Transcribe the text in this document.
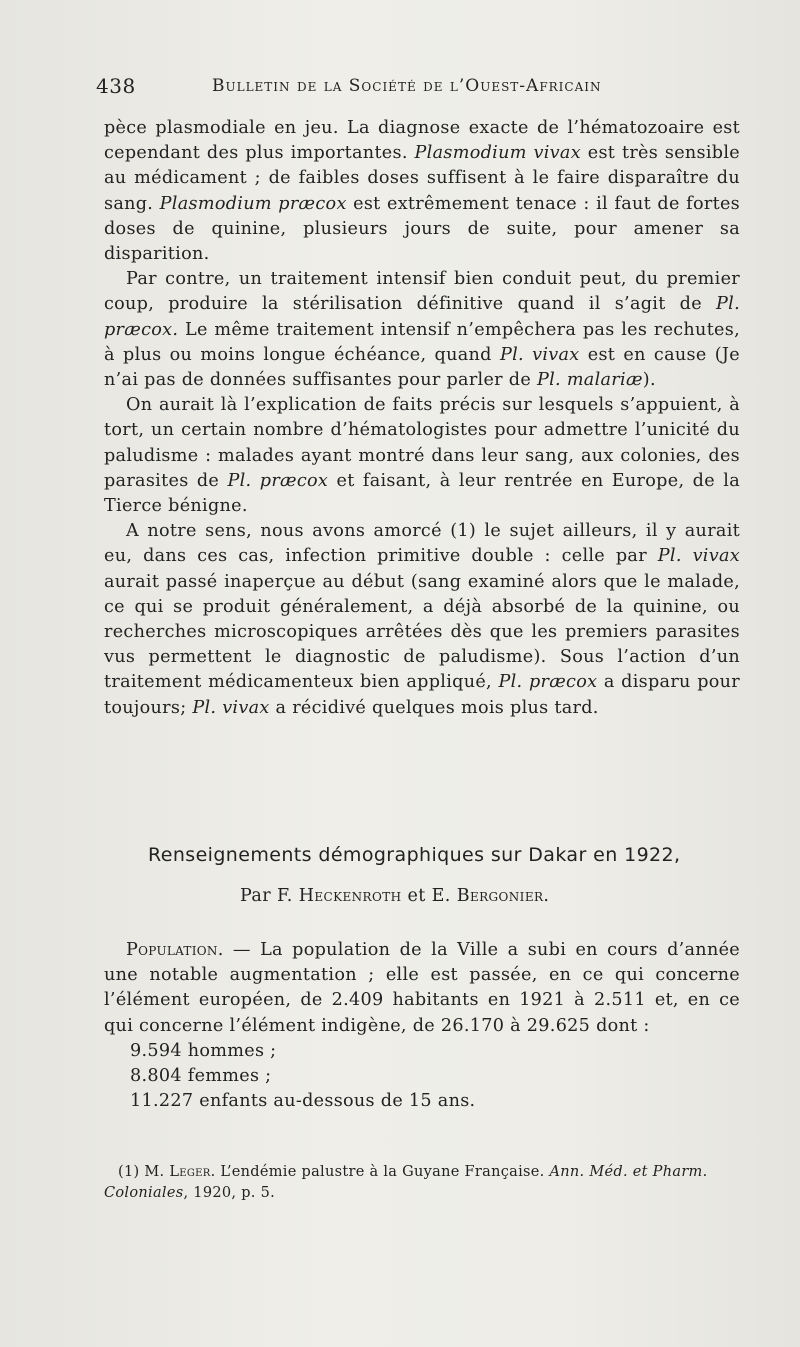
438	Bulletin de la Société de l’Ouest-Africain

pèce plasmodiale en jeu. La diagnose exacte de l’hématozoaire est cependant des plus importantes. Plasmodium vivax est très sensible au médicament ; de faibles doses suffisent à le faire disparaître du sang. Plasmodium præcox est extrêmement tenace : il faut de fortes doses de quinine, plusieurs jours de suite, pour amener sa disparition.

Par contre, un traitement intensif bien conduit peut, du premier coup, produire la stérilisation définitive quand il s’agit de Pl. præcox. Le même traitement intensif n’empêchera pas les rechutes, à plus ou moins longue échéance, quand Pl. vivax est en cause (Je n’ai pas de données suffisantes pour parler de Pl. malariæ).

On aurait là l’explication de faits précis sur lesquels s’appuient, à tort, un certain nombre d’hématologistes pour admettre l’unicité du paludisme : malades ayant montré dans leur sang, aux colonies, des parasites de Pl. præcox et faisant, à leur rentrée en Europe, de la Tierce bénigne.

A notre sens, nous avons amorcé (1) le sujet ailleurs, il y aurait eu, dans ces cas, infection primitive double : celle par Pl. vivax aurait passé inaperçue au début (sang examiné alors que le malade, ce qui se produit généralement, a déjà absorbé de la quinine, ou recherches microscopiques arrêtées dès que les premiers parasites vus permettent le diagnostic de paludisme). Sous l’action d’un traitement médicamenteux bien appliqué, Pl. præcox a disparu pour toujours; Pl. vivax a récidivé quelques mois plus tard.

Renseignements démographiques sur Dakar en 1922,
Par F. Heckenroth et E. Bergonier.

Population. — La population de la Ville a subi en cours d’année une notable augmentation ; elle est passée, en ce qui concerne l’élément européen, de 2.409 habitants en 1921 à 2.511 et, en ce qui concerne l’élément indigène, de 26.170 à 29.625 dont :

9.594 hommes ;
8.804 femmes ;
11.227 enfants au-dessous de 15 ans.
(1) M. Leger. L’endémie palustre à la Guyane Française. Ann. Méd. et Pharm. Coloniales, 1920, p. 5.
